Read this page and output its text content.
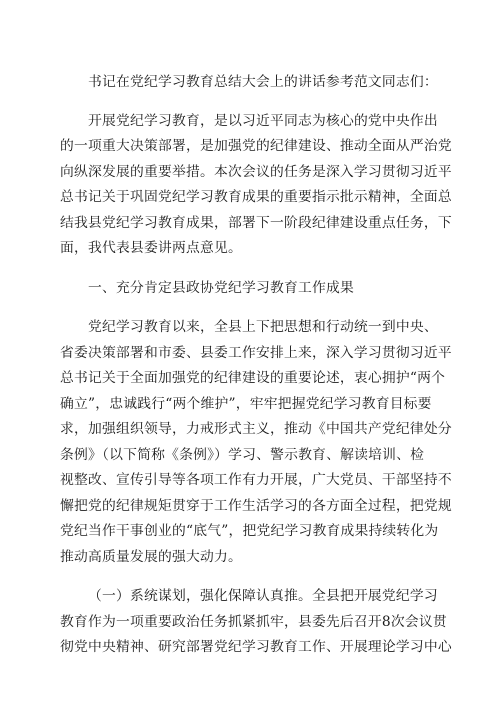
书记在党纪学习教育总结大会上的讲话参考范文同志们：

开展党纪学习教育，是以习近平同志为核心的党中央作出
的一项重大决策部署，是加强党的纪律建设、推动全面从严治党
向纵深发展的重要举措。本次会议的任务是深入学习贯彻习近平
总书记关于巩固党纪学习教育成果的重要指示批示精神，全面总
结我县党纪学习教育成果，部署下一阶段纪律建设重点任务，下
面，我代表县委讲两点意见。

一、充分肯定县政协党纪学习教育工作成果

党纪学习教育以来，全县上下把思想和行动统一到中央、
省委决策部署和市委、县委工作安排上来，深入学习贯彻习近平
总书记关于全面加强党的纪律建设的重要论述，衷心拥护“两个
确立”，忠诚践行“两个维护”，牢牢把握党纪学习教育目标要
求，加强组织领导，力戒形式主义，推动《中国共产党纪律处分
条例》（以下简称《条例》）学习、警示教育、解读培训、检
视整改、宣传引导等各项工作有力开展，广大党员、干部坚持不
懈把党的纪律规矩贯穿于工作生活学习的各方面全过程，把党规
党纪当作干事创业的“底气”，把党纪学习教育成果持续转化为
推动高质量发展的强大动力。

（一）系统谋划，强化保障认真推。全县把开展党纪学习
教育作为一项重要政治任务抓紧抓牢，县委先后召开8次会议贯
彻党中央精神、研究部署党纪学习教育工作、开展理论学习中心
